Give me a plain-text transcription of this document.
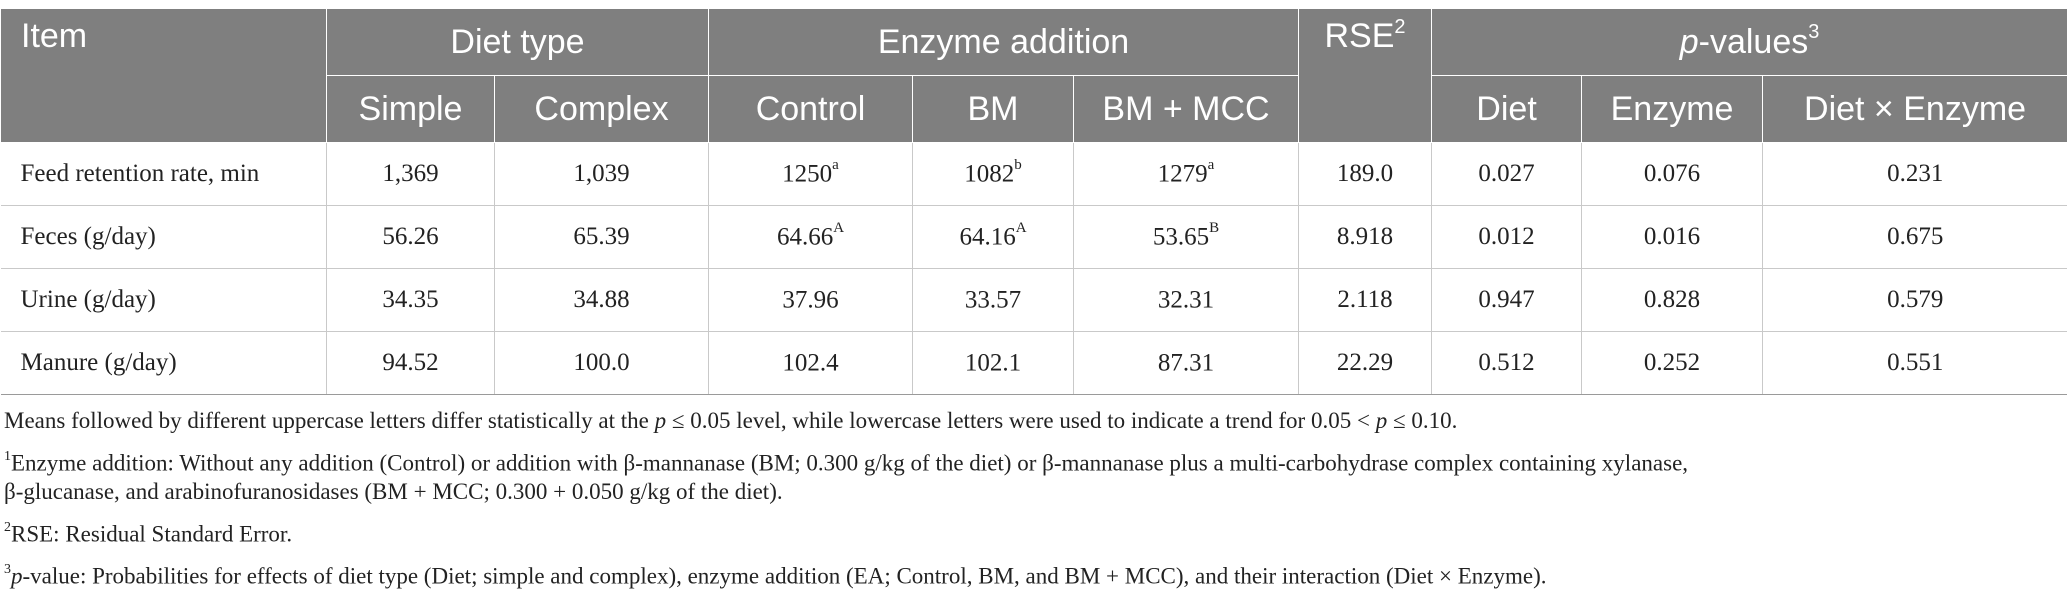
Item	Diet type		Enzyme addition			RSE$^2$	p-values$^3$
	Simple	Complex	Control	BM	BM + MCC		Diet	Enzyme	Diet × Enzyme
Feed retention rate, min	1,369	1,039	1250$^a$	1082$^b$	1279$^a$	189.0	0.027	0.076	0.231
Feces (g/day)	56.26	65.39	$64.66^A$	$64.16^A$	$53.65^B$	8.918	0.012	0.016	0.675
Urine (g/day)	34.35	34.88	37.96	33.57	32.31	2.118	0.947	0.828	0.579
Manure (g/day)	94.52	100.0	102.4	102.1	87.31	22.29	0.512	0.252	0.551

Means followed by different uppercase letters differ statistically at the p ≤ 0.05 level, while lowercase letters were used to indicate a trend for 0.05 < p ≤ 0.10.

$^1$Enzyme addition: Without any addition (Control) or addition with β-mannanase (BM; 0.300 g/kg of the diet) or β-mannanase plus a multi-carbohydrase complex containing xylanase,
β-glucanase, and arabinofuranosidases (BM + MCC; 0.300 + 0.050 g/kg of the diet).

$^2$RSE: Residual Standard Error.

$^3$p-value: Probabilities for effects of diet type (Diet; simple and complex), enzyme addition (EA; Control, BM, and BM + MCC), and their interaction (Diet × Enzyme).
